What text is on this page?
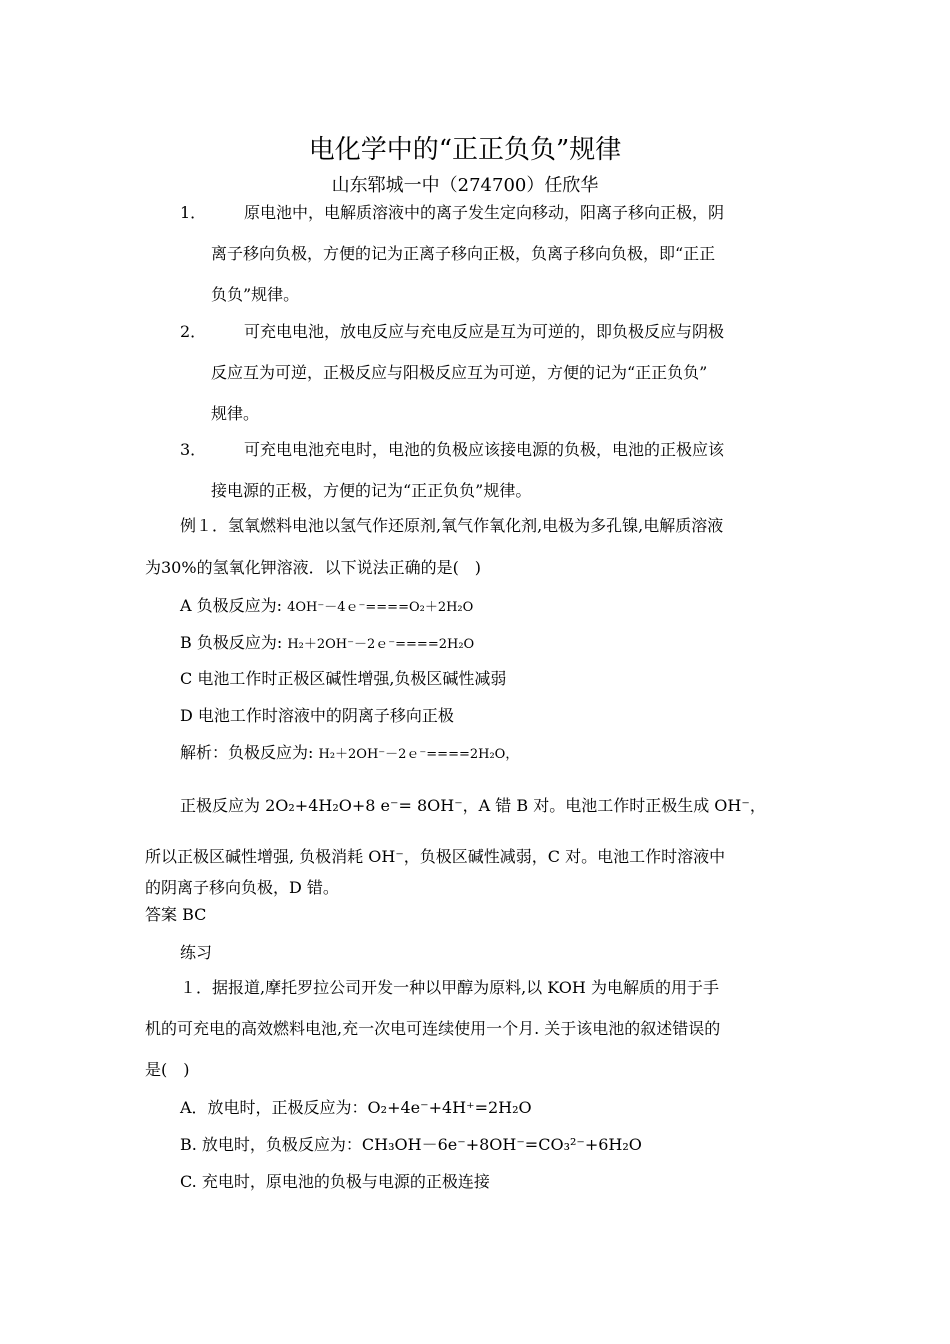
电化学中的“正正负负”规律
山东郓城一中（274700）任欣华
1． 原电池中，电解质溶液中的离子发生定向移动，阳离子移向正极，阴
离子移向负极，方便的记为正离子移向正极，负离子移向负极，即“正正
负负”规律。
2． 可充电电池，放电反应与充电反应是互为可逆的，即负极反应与阴极
反应互为可逆，正极反应与阳极反应互为可逆，方便的记为“正正负负”
规律。
3． 可充电电池充电时，电池的负极应该接电源的负极，电池的正极应该
接电源的正极，方便的记为“正正负负”规律。
例１．氢氧燃料电池以氢气作还原剂,氧气作氧化剂,电极为多孔镍,电解质溶液
为30%的氢氧化钾溶液．以下说法正确的是(　)
A 负极反应为: 4OH⁻－4ｅ⁻====O₂＋2H₂O
B 负极反应为: H₂＋2OH⁻－2ｅ⁻====2H₂O
C 电池工作时正极区碱性增强,负极区碱性减弱
D 电池工作时溶液中的阴离子移向正极
解析：负极反应为: H₂＋2OH⁻－2ｅ⁻====2H₂O，
正极反应为 2O₂+4H₂O+8 e⁻= 8OH⁻，A 错 B 对。电池工作时正极生成 OH⁻，
所以正极区碱性增强, 负极消耗 OH⁻，负极区碱性减弱，C 对。电池工作时溶液中
的阴离子移向负极，D 错。
答案 BC
练习
１．据报道,摩托罗拉公司开发一种以甲醇为原料,以 KOH 为电解质的用于手
机的可充电的高效燃料电池,充一次电可连续使用一个月. 关于该电池的叙述错误的
是(　)
A．放电时，正极反应为：O₂+4e⁻+4H⁺=2H₂O
B. 放电时，负极反应为：CH₃OH－6e⁻+8OH⁻=CO₃²⁻+6H₂O
C. 充电时，原电池的负极与电源的正极连接
